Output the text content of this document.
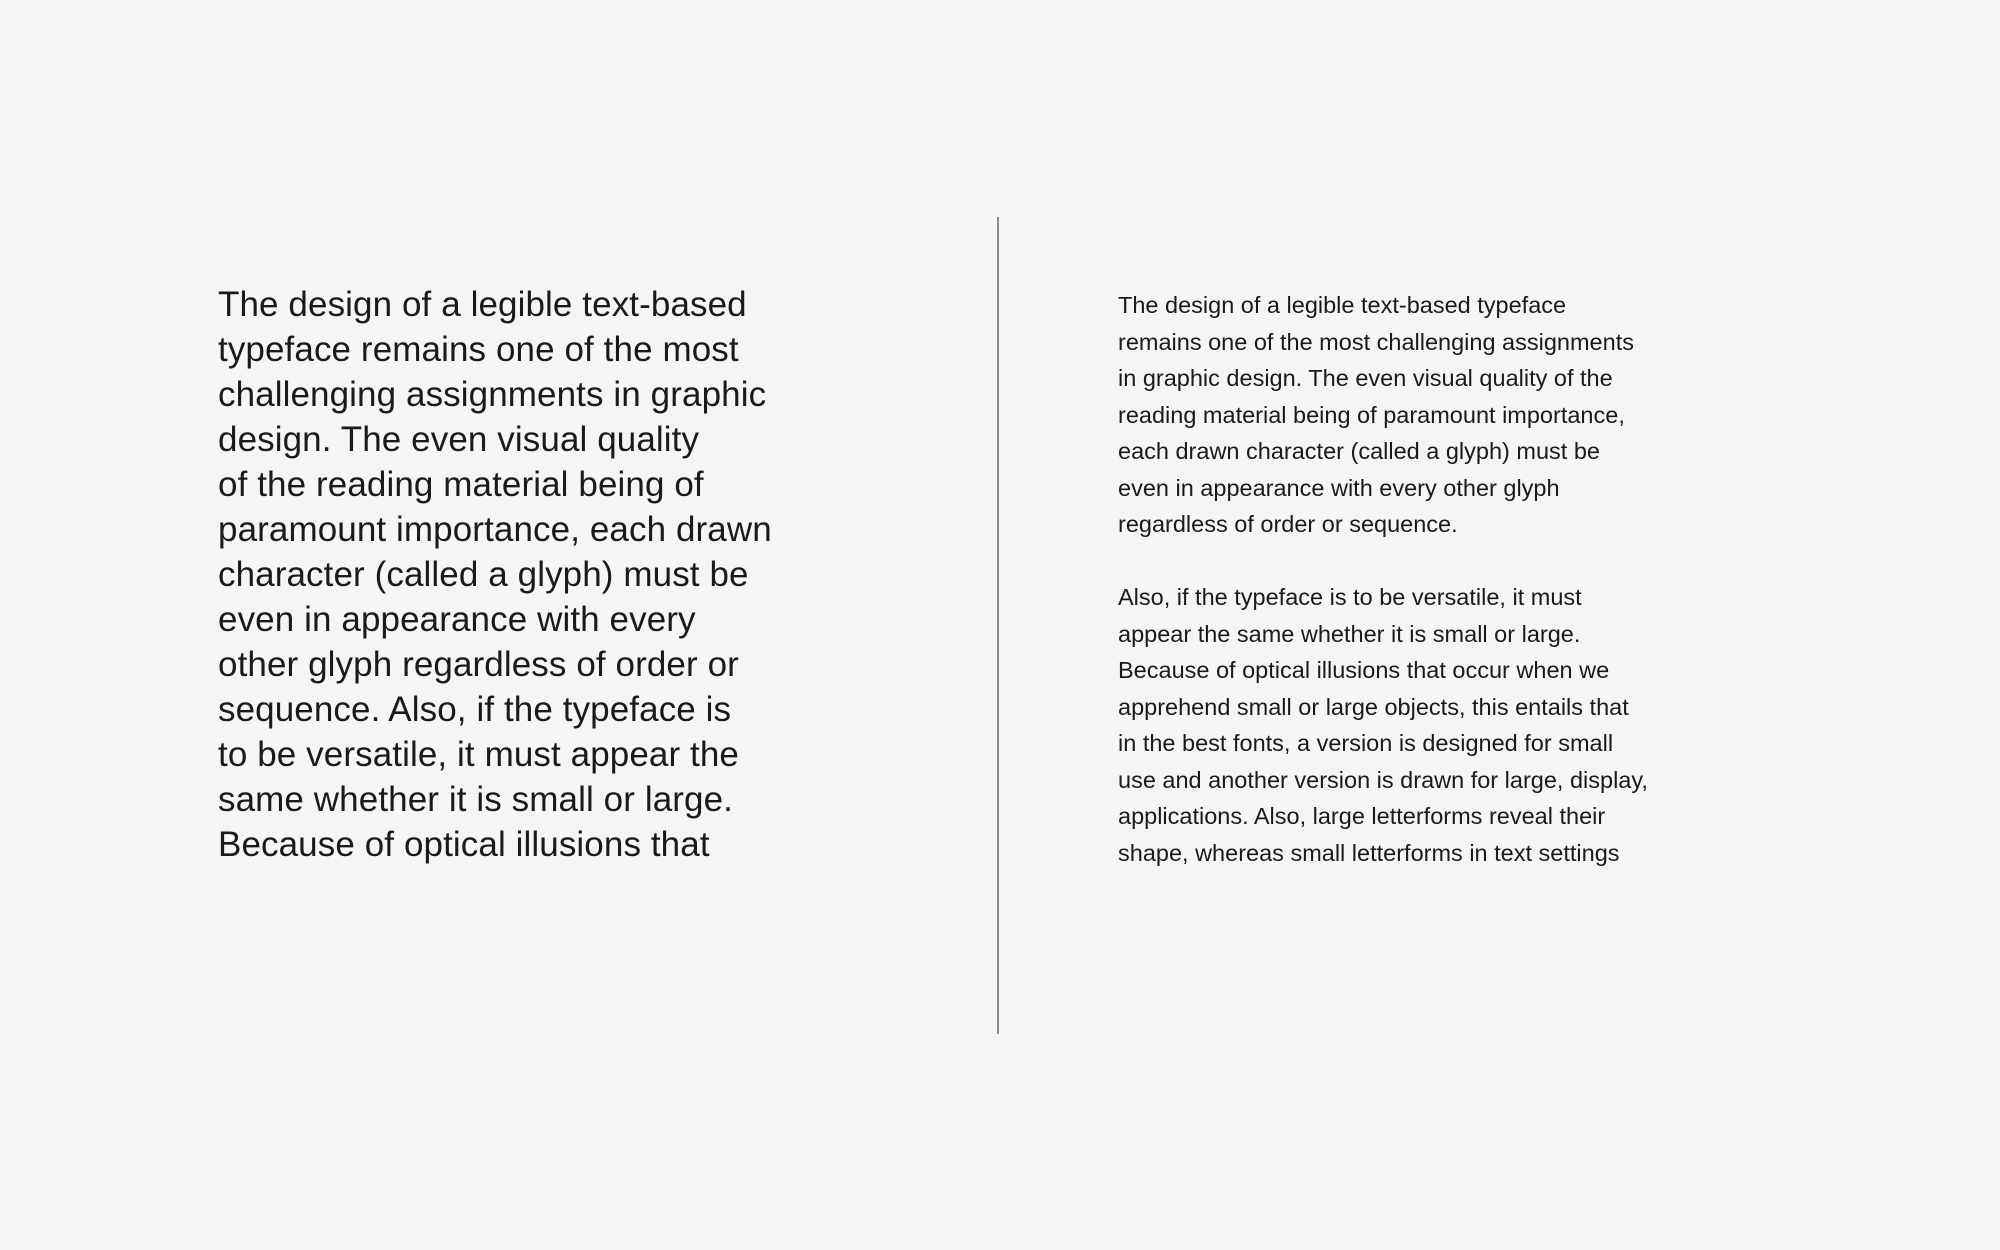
The design of a legible text-based
typeface remains one of the most
challenging assignments in graphic
design. The even visual quality
of the reading material being of
paramount importance, each drawn
character (called a glyph) must be
even in appearance with every
other glyph regardless of order or
sequence. Also, if the typeface is
to be versatile, it must appear the
same whether it is small or large.
Because of optical illusions that
The design of a legible text-based typeface
remains one of the most challenging assignments
in graphic design. The even visual quality of the
reading material being of paramount importance,
each drawn character (called a glyph) must be
even in appearance with every other glyph
regardless of order or sequence.
Also, if the typeface is to be versatile, it must
appear the same whether it is small or large.
Because of optical illusions that occur when we
apprehend small or large objects, this entails that
in the best fonts, a version is designed for small
use and another version is drawn for large, display,
applications. Also, large letterforms reveal their
shape, whereas small letterforms in text settings
